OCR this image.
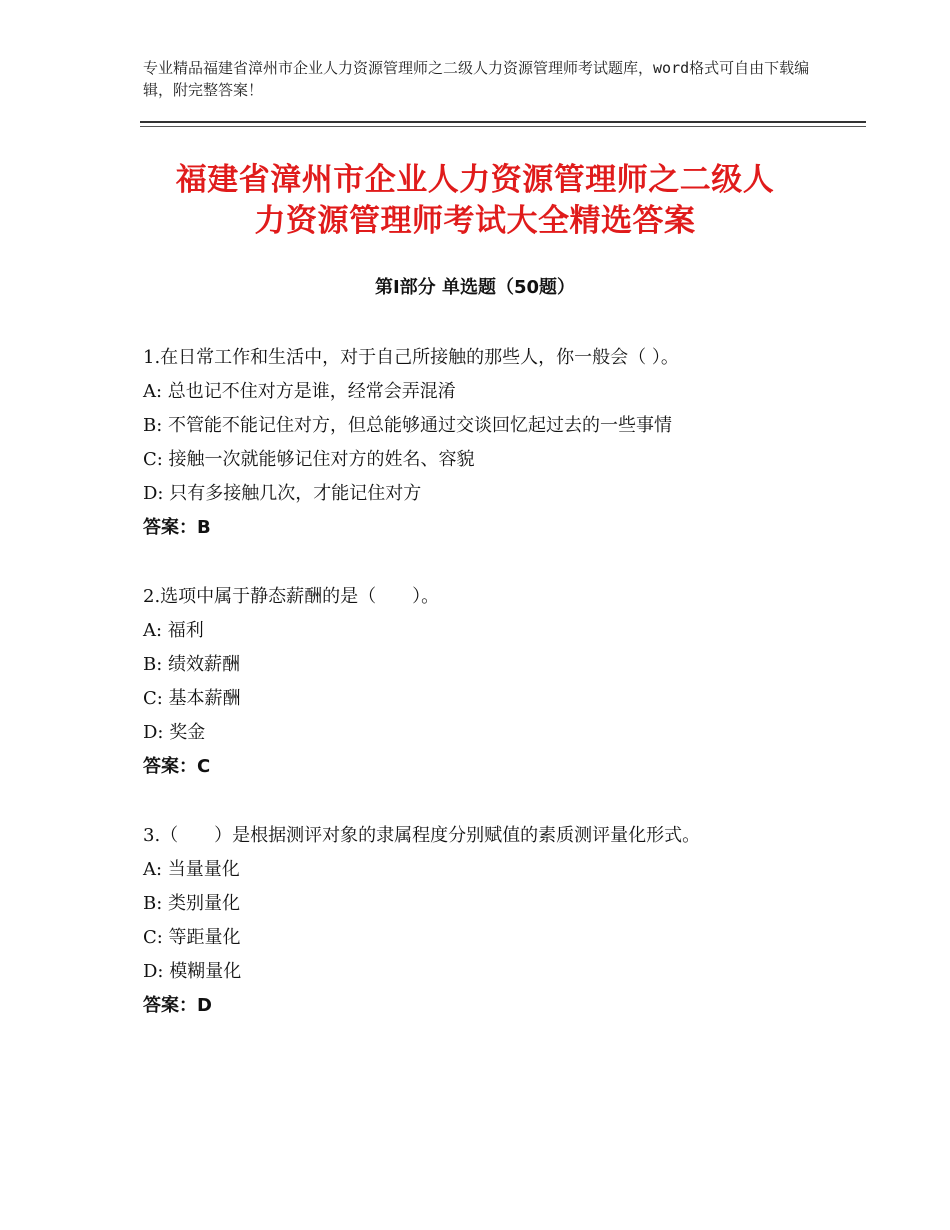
专业精品福建省漳州市企业人力资源管理师之二级人力资源管理师考试题库，word格式可自由下载编辑，附完整答案！
福建省漳州市企业人力资源管理师之二级人
力资源管理师考试大全精选答案
第Ⅰ部分 单选题（50题）
1.在日常工作和生活中，对于自己所接触的那些人，你一般会（ ）。
A: 总也记不住对方是谁，经常会弄混淆
B: 不管能不能记住对方，但总能够通过交谈回忆起过去的一些事情
C: 接触一次就能够记住对方的姓名、容貌
D: 只有多接触几次，才能记住对方
答案：B
2.选项中属于静态薪酬的是（　　）。
A: 福利
B: 绩效薪酬
C: 基本薪酬
D: 奖金
答案：C
3.（　　）是根据测评对象的隶属程度分别赋值的素质测评量化形式。
A: 当量量化
B: 类别量化
C: 等距量化
D: 模糊量化
答案：D
